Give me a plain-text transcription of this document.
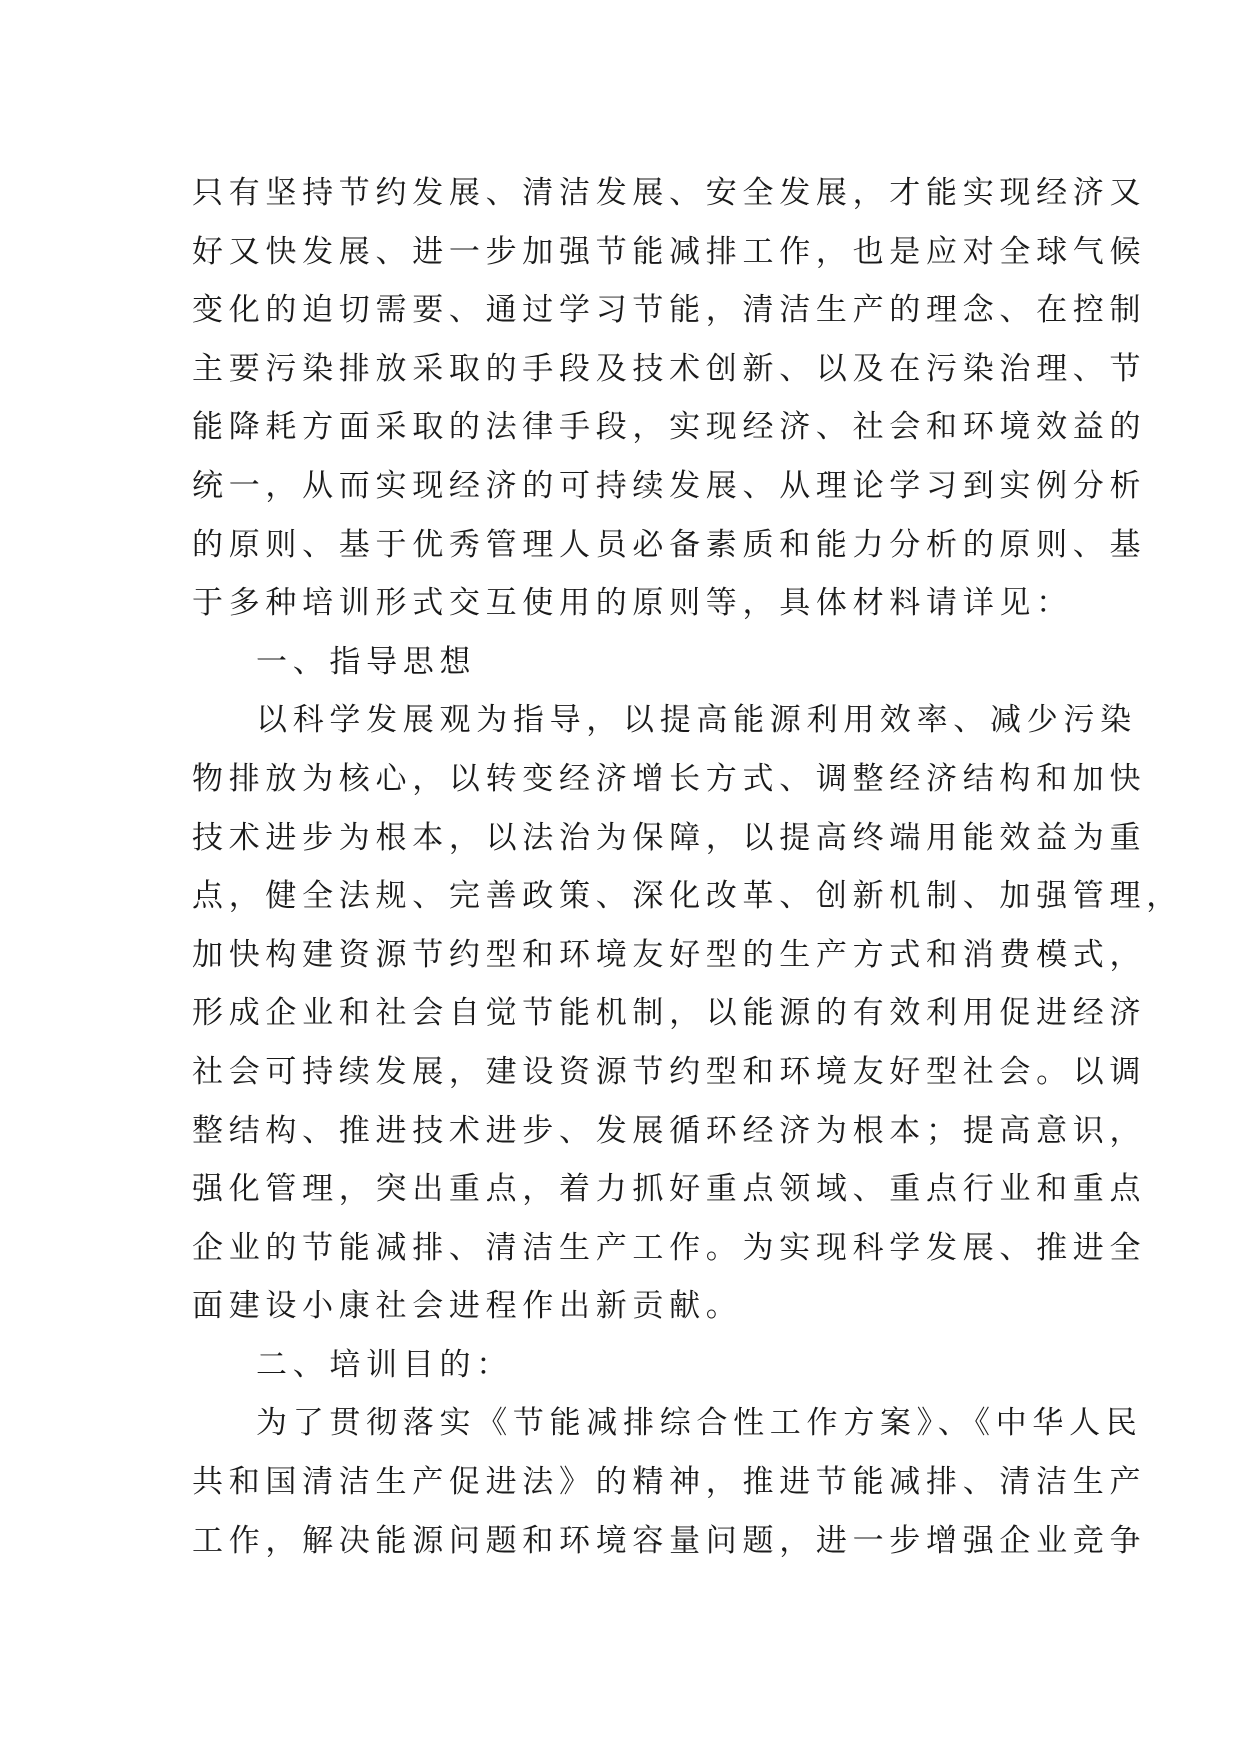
只有坚持节约发展、清洁发展、安全发展，才能实现经济又
好又快发展、进一步加强节能减排工作，也是应对全球气候
变化的迫切需要、通过学习节能，清洁生产的理念、在控制
主要污染排放采取的手段及技术创新、以及在污染治理、节
能降耗方面采取的法律手段，实现经济、社会和环境效益的
统一，从而实现经济的可持续发展、从理论学习到实例分析
的原则、基于优秀管理人员必备素质和能力分析的原则、基
于多种培训形式交互使用的原则等，具体材料请详见：
一、指导思想
以科学发展观为指导，以提高能源利用效率、减少污染
物排放为核心，以转变经济增长方式、调整经济结构和加快
技术进步为根本，以法治为保障，以提高终端用能效益为重
点，健全法规、完善政策、深化改革、创新机制、加强管理，
加快构建资源节约型和环境友好型的生产方式和消费模式，
形成企业和社会自觉节能机制，以能源的有效利用促进经济
社会可持续发展，建设资源节约型和环境友好型社会。以调
整结构、推进技术进步、发展循环经济为根本；提高意识，
强化管理，突出重点，着力抓好重点领域、重点行业和重点
企业的节能减排、清洁生产工作。为实现科学发展、推进全
面建设小康社会进程作出新贡献。
二、培训目的：
为了贯彻落实《节能减排综合性工作方案》、《中华人民
共和国清洁生产促进法》的精神，推进节能减排、清洁生产
工作，解决能源问题和环境容量问题，进一步增强企业竞争
